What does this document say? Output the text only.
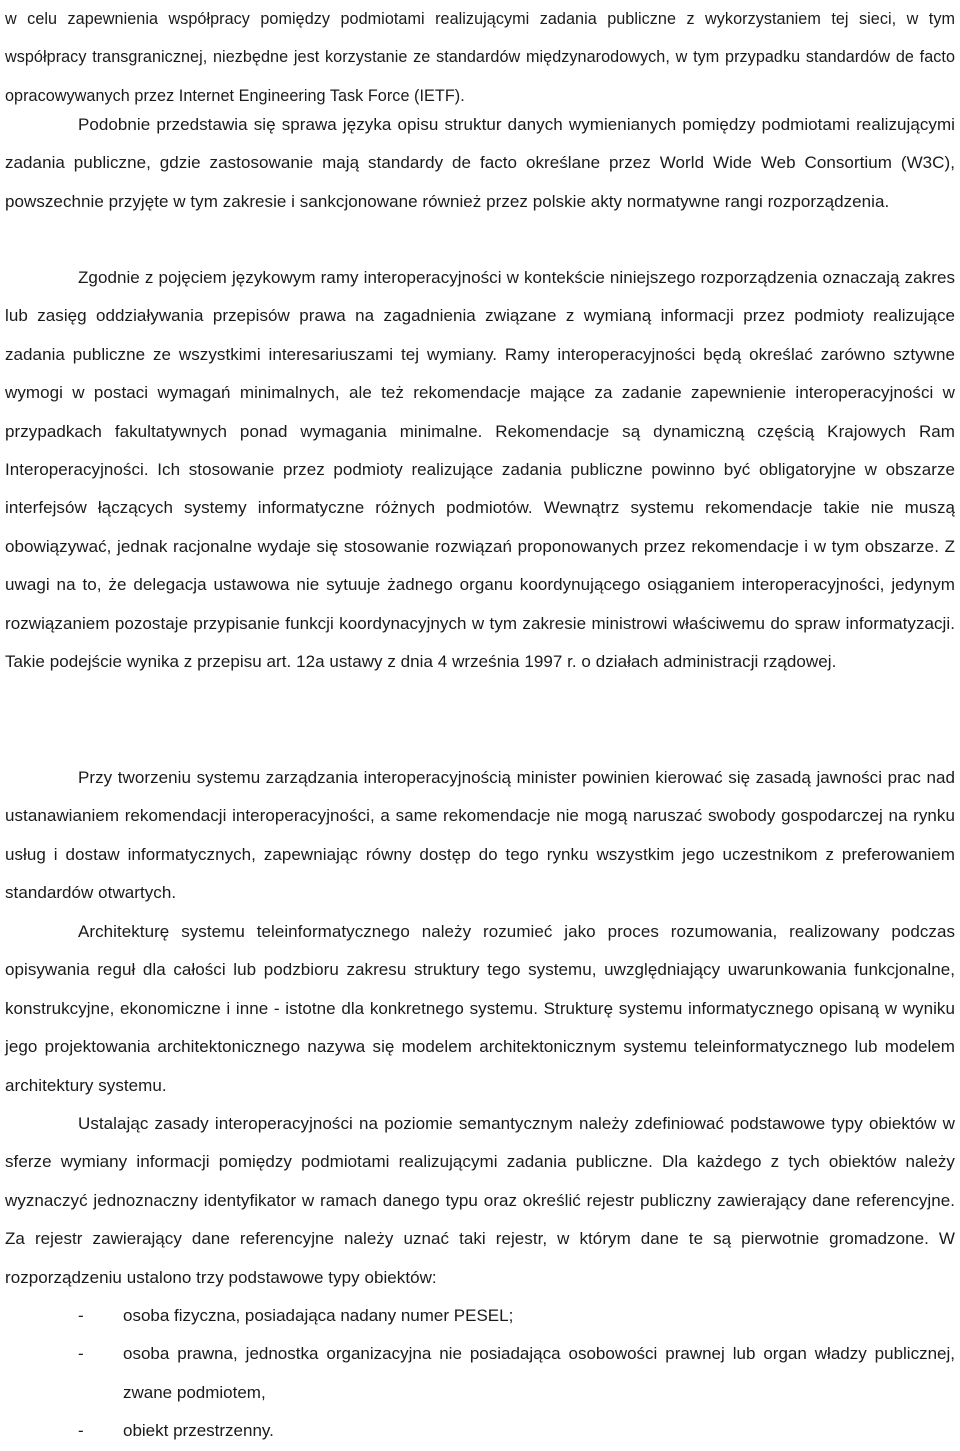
w celu zapewnienia współpracy pomiędzy podmiotami realizującymi zadania publiczne z wykorzystaniem tej sieci, w tym współpracy transgranicznej, niezbędne jest korzystanie ze standardów międzynarodowych, w tym przypadku standardów de facto opracowywanych przez Internet Engineering Task Force (IETF).

Podobnie przedstawia się sprawa języka opisu struktur danych wymienianych pomiędzy podmiotami realizującymi zadania publiczne, gdzie zastosowanie mają standardy de facto określane przez World Wide Web Consortium (W3C), powszechnie przyjęte w tym zakresie i sankcjonowane również przez polskie akty normatywne rangi rozporządzenia.

Zgodnie z pojęciem językowym ramy interoperacyjności w kontekście niniejszego rozporządzenia oznaczają zakres lub zasięg oddziaływania przepisów prawa na zagadnienia związane z wymianą informacji przez podmioty realizujące zadania publiczne ze wszystkimi interesariuszami tej wymiany. Ramy interoperacyjności będą określać zarówno sztywne wymogi w postaci wymagań minimalnych, ale też rekomendacje mające za zadanie zapewnienie interoperacyjności w przypadkach fakultatywnych ponad wymagania minimalne. Rekomendacje są dynamiczną częścią Krajowych Ram Interoperacyjności. Ich stosowanie przez podmioty realizujące zadania publiczne powinno być obligatoryjne w obszarze interfejsów łączących systemy informatyczne różnych podmiotów. Wewnątrz systemu rekomendacje takie nie muszą obowiązywać, jednak racjonalne wydaje się stosowanie rozwiązań proponowanych przez rekomendacje i w tym obszarze. Z uwagi na to, że delegacja ustawowa nie sytuuje żadnego organu koordynującego osiąganiem interoperacyjności, jedynym rozwiązaniem pozostaje przypisanie funkcji koordynacyjnych w tym zakresie ministrowi właściwemu do spraw informatyzacji. Takie podejście wynika z przepisu art. 12a ustawy z dnia 4 września 1997 r. o działach administracji rządowej.

Przy tworzeniu systemu zarządzania interoperacyjnością minister powinien kierować się zasadą jawności prac nad ustanawianiem rekomendacji interoperacyjności, a same rekomendacje nie mogą naruszać swobody gospodarczej na rynku usług i dostaw informatycznych, zapewniając równy dostęp do tego rynku wszystkim jego uczestnikom z preferowaniem standardów otwartych.

Architekturę systemu teleinformatycznego należy rozumieć jako proces rozumowania, realizowany podczas opisywania reguł dla całości lub podzbioru zakresu struktury tego systemu, uwzględniający uwarunkowania funkcjonalne, konstrukcyjne, ekonomiczne i inne - istotne dla konkretnego systemu. Strukturę systemu informatycznego opisaną w wyniku jego projektowania architektonicznego nazywa się modelem architektonicznym systemu teleinformatycznego lub modelem architektury systemu.

Ustalając zasady interoperacyjności na poziomie semantycznym należy zdefiniować podstawowe typy obiektów w sferze wymiany informacji pomiędzy podmiotami realizującymi zadania publiczne. Dla każdego z tych obiektów należy wyznaczyć jednoznaczny identyfikator w ramach danego typu oraz określić rejestr publiczny zawierający dane referencyjne. Za rejestr zawierający dane referencyjne należy uznać taki rejestr, w którym dane te są pierwotnie gromadzone. W rozporządzeniu ustalono trzy podstawowe typy obiektów:

-	osoba fizyczna, posiadająca nadany numer PESEL;
-	osoba prawna, jednostka organizacyjna nie posiadająca osobowości prawnej lub organ władzy publicznej, zwane podmiotem,
-	obiekt przestrzenny.
